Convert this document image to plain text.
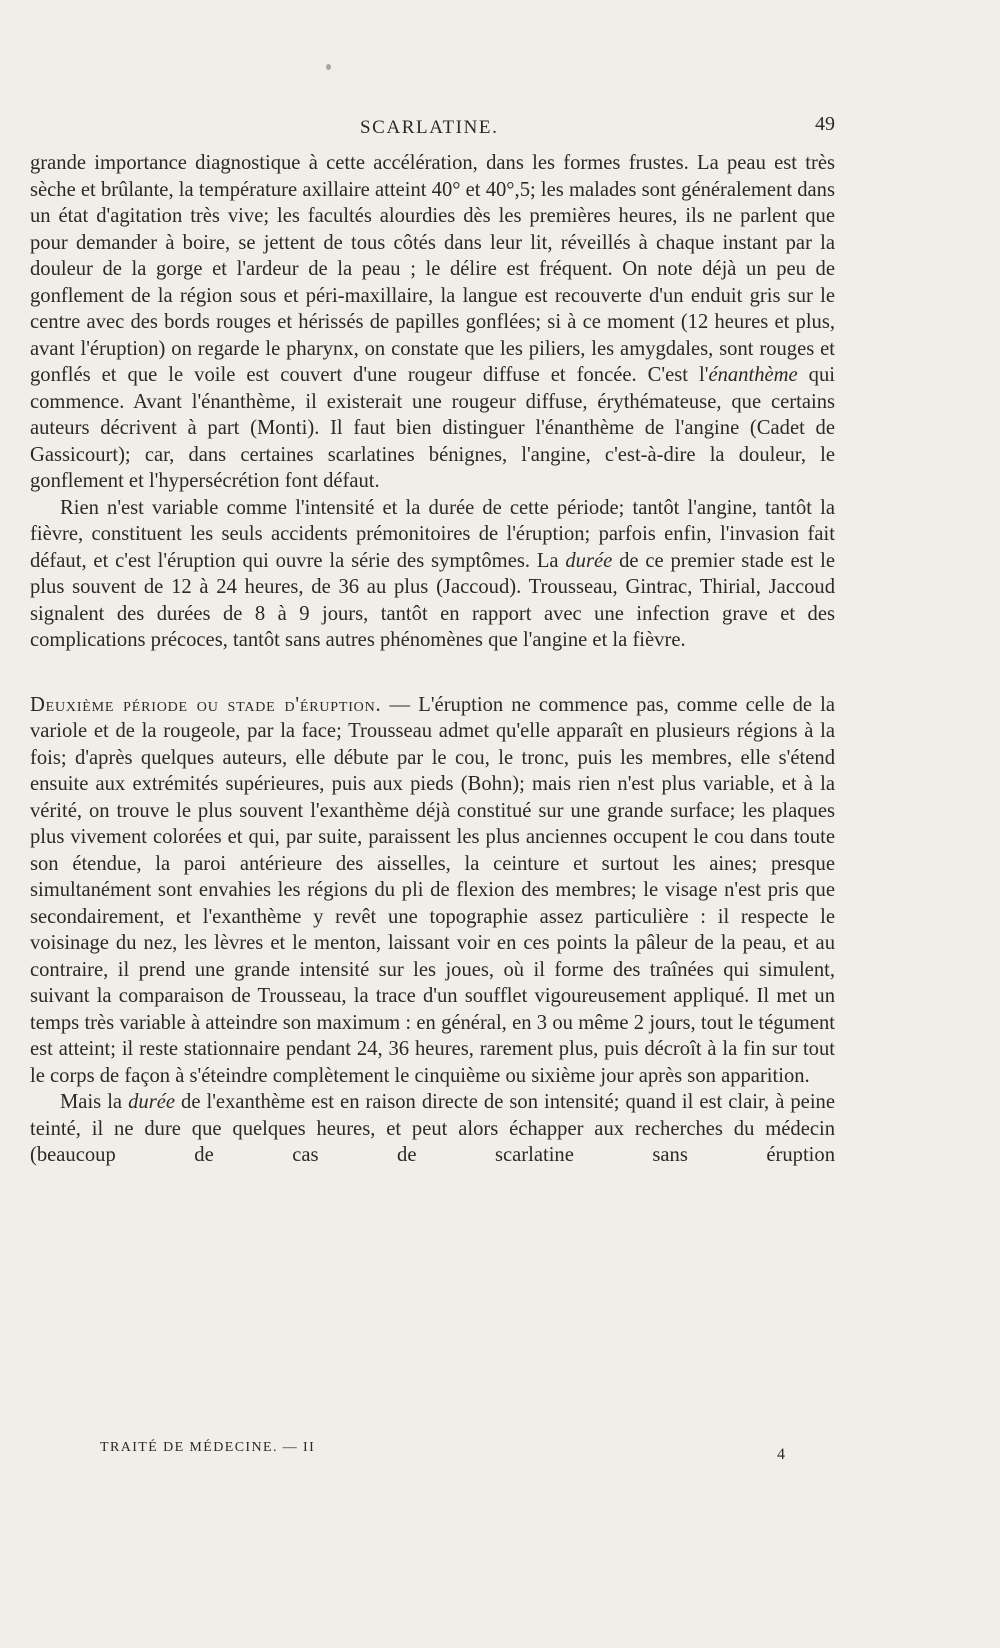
SCARLATINE.	49

grande importance diagnostique à cette accélération, dans les formes frustes. La peau est très sèche et brûlante, la température axillaire atteint 40° et 40°,5; les malades sont généralement dans un état d'agitation très vive; les facultés alourdies dès les premières heures, ils ne parlent que pour demander à boire, se jettent de tous côtés dans leur lit, réveillés à chaque instant par la douleur de la gorge et l'ardeur de la peau ; le délire est fréquent. On note déjà un peu de gonflement de la région sous et péri-maxillaire, la langue est recouverte d'un enduit gris sur le centre avec des bords rouges et hérissés de papilles gonflées; si à ce moment (12 heures et plus, avant l'éruption) on regarde le pharynx, on constate que les piliers, les amygdales, sont rouges et gonflés et que le voile est couvert d'une rougeur diffuse et foncée. C'est l'énanthème qui commence. Avant l'énanthème, il existerait une rougeur diffuse, érythémateuse, que certains auteurs décrivent à part (Monti). Il faut bien distinguer l'énanthème de l'angine (Cadet de Gassicourt); car, dans certaines scarlatines bénignes, l'angine, c'est-à-dire la douleur, le gonflement et l'hypersécrétion font défaut.

Rien n'est variable comme l'intensité et la durée de cette période; tantôt l'angine, tantôt la fièvre, constituent les seuls accidents prémonitoires de l'éruption; parfois enfin, l'invasion fait défaut, et c'est l'éruption qui ouvre la série des symptômes. La durée de ce premier stade est le plus souvent de 12 à 24 heures, de 36 au plus (Jaccoud). Trousseau, Gintrac, Thirial, Jaccoud signalent des durées de 8 à 9 jours, tantôt en rapport avec une infection grave et des complications précoces, tantôt sans autres phénomènes que l'angine et la fièvre.

Deuxième période ou stade d'éruption. — L'éruption ne commence pas, comme celle de la variole et de la rougeole, par la face; Trousseau admet qu'elle apparaît en plusieurs régions à la fois; d'après quelques auteurs, elle débute par le cou, le tronc, puis les membres, elle s'étend ensuite aux extrémités supérieures, puis aux pieds (Bohn); mais rien n'est plus variable, et à la vérité, on trouve le plus souvent l'exanthème déjà constitué sur une grande surface; les plaques plus vivement colorées et qui, par suite, paraissent les plus anciennes occupent le cou dans toute son étendue, la paroi antérieure des aisselles, la ceinture et surtout les aines; presque simultanément sont envahies les régions du pli de flexion des membres; le visage n'est pris que secondairement, et l'exanthème y revêt une topographie assez particulière : il respecte le voisinage du nez, les lèvres et le menton, laissant voir en ces points la pâleur de la peau, et au contraire, il prend une grande intensité sur les joues, où il forme des traînées qui simulent, suivant la comparaison de Trousseau, la trace d'un soufflet vigoureusement appliqué. Il met un temps très variable à atteindre son maximum : en général, en 3 ou même 2 jours, tout le tégument est atteint; il reste stationnaire pendant 24, 36 heures, rarement plus, puis décroît à la fin sur tout le corps de façon à s'éteindre complètement le cinquième ou sixième jour après son apparition.

Mais la durée de l'exanthème est en raison directe de son intensité; quand il est clair, à peine teinté, il ne dure que quelques heures, et peut alors échapper aux recherches du médecin (beaucoup de cas de scarlatine sans éruption

TRAITÉ DE MÉDECINE. — II	4
